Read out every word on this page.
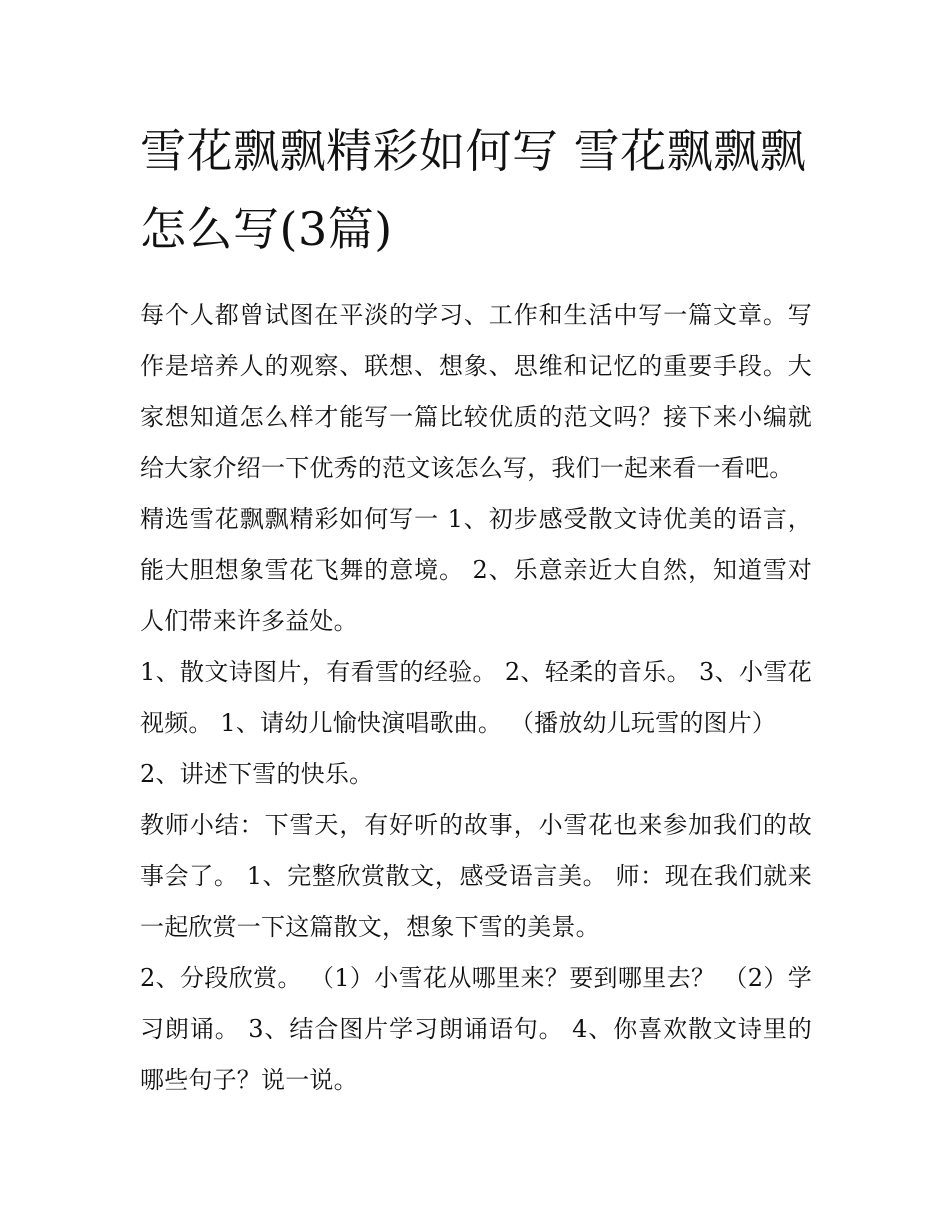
雪花飘飘精彩如何写 雪花飘飘飘怎么写(3篇)

每个人都曾试图在平淡的学习、工作和生活中写一篇文章。写作是培养人的观察、联想、想象、思维和记忆的重要手段。大家想知道怎么样才能写一篇比较优质的范文吗？接下来小编就给大家介绍一下优秀的范文该怎么写，我们一起来看一看吧。

精选雪花飘飘精彩如何写一 1、初步感受散文诗优美的语言，能大胆想象雪花飞舞的意境。 2、乐意亲近大自然，知道雪对人们带来许多益处。

1、散文诗图片，有看雪的经验。 2、轻柔的音乐。 3、小雪花视频。 1、请幼儿愉快演唱歌曲。 （播放幼儿玩雪的图片）

2、讲述下雪的快乐。

教师小结：下雪天，有好听的故事，小雪花也来参加我们的故事会了。 1、完整欣赏散文，感受语言美。 师：现在我们就来一起欣赏一下这篇散文，想象下雪的美景。

2、分段欣赏。 （1）小雪花从哪里来？要到哪里去？ （2）学习朗诵。 3、结合图片学习朗诵语句。 4、你喜欢散文诗里的哪些句子？说一说。
